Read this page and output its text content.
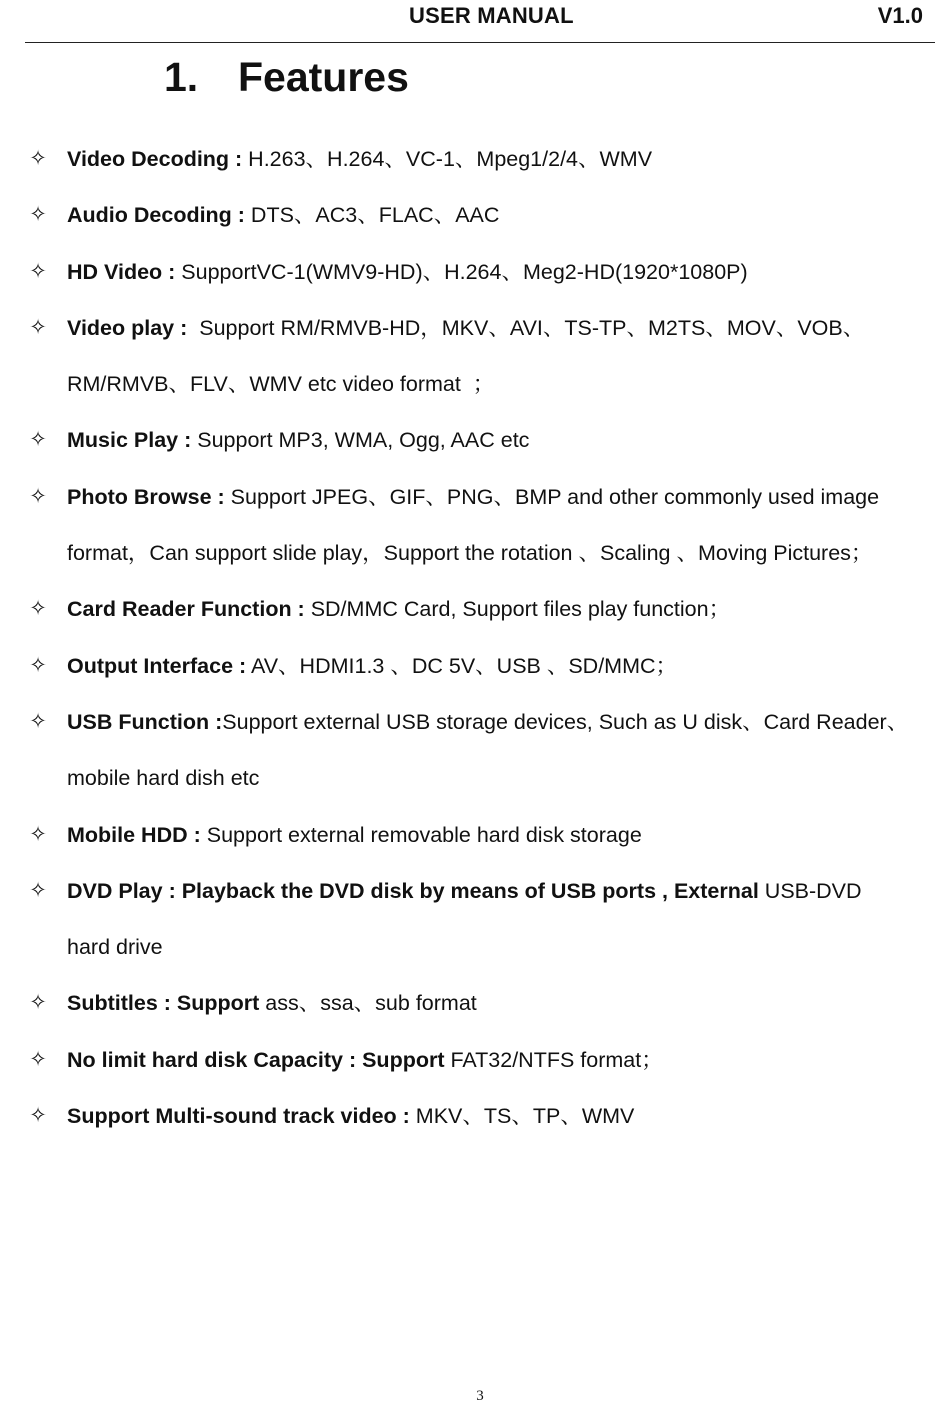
USER MANUAL	V1.0
1. Features
✧ Video Decoding : H.263、H.264、VC-1、Mpeg1/2/4、WMV
✧ Audio Decoding : DTS、AC3、FLAC、AAC
✧ HD Video : SupportVC-1(WMV9-HD)、H.264、Meg2-HD(1920*1080P)
✧ Video play :  Support RM/RMVB-HD，MKV、AVI、TS-TP、M2TS、MOV、VOB、
RM/RMVB、FLV、WMV etc video format  ；
✧ Music Play : Support MP3, WMA, Ogg, AAC etc
✧ Photo Browse : Support JPEG、GIF、PNG、BMP and other commonly used image
format，Can support slide play，Support the rotation 、Scaling 、Moving Pictures；
✧ Card Reader Function : SD/MMC Card, Support files play function；
✧ Output Interface : AV、HDMI1.3 、DC 5V、USB 、SD/MMC；
✧ USB Function :Support external USB storage devices, Such as U disk、Card Reader、
mobile hard dish etc
✧ Mobile HDD : Support external removable hard disk storage
✧ DVD Play : Playback the DVD disk by means of USB ports , External USB-DVD
hard drive
✧ Subtitles : Support ass、ssa、sub format
✧ No limit hard disk Capacity : Support FAT32/NTFS format；
✧ Support Multi-sound track video : MKV、TS、TP、WMV
3
